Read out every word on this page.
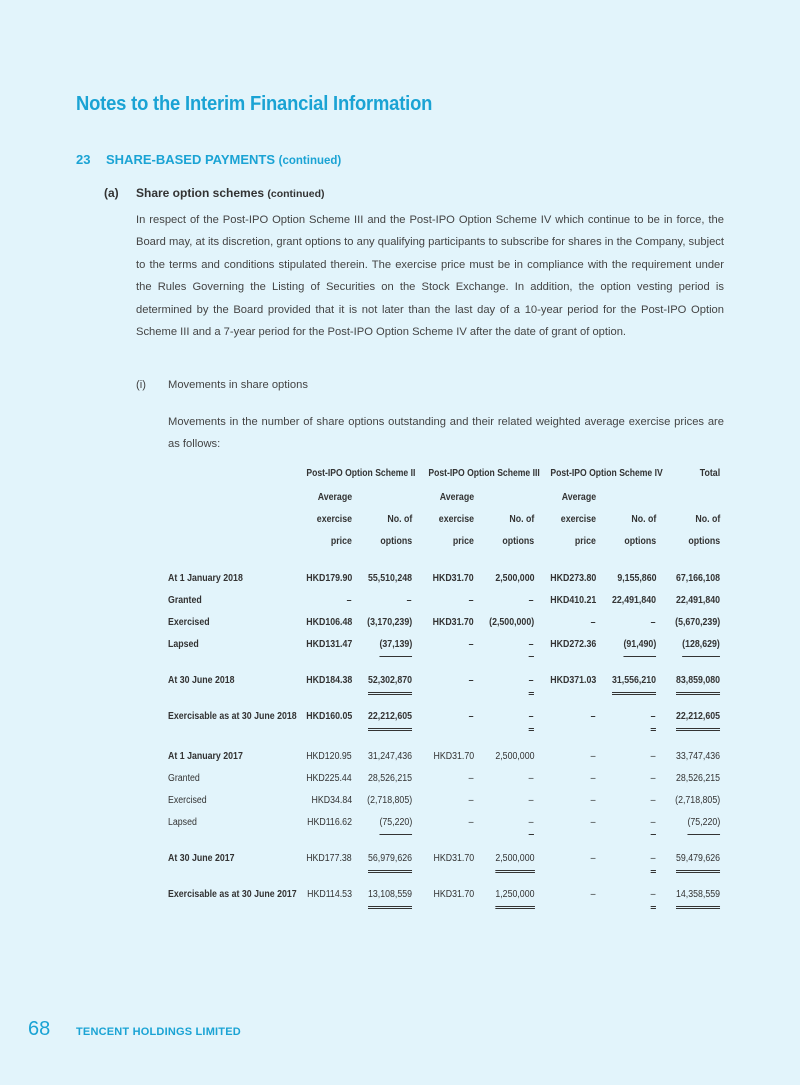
Notes to the Interim Financial Information
23 SHARE-BASED PAYMENTS (continued)
(a) Share option schemes (continued)
In respect of the Post-IPO Option Scheme III and the Post-IPO Option Scheme IV which continue to be in force, the Board may, at its discretion, grant options to any qualifying participants to subscribe for shares in the Company, subject to the terms and conditions stipulated therein. The exercise price must be in compliance with the requirement under the Rules Governing the Listing of Securities on the Stock Exchange. In addition, the option vesting period is determined by the Board provided that it is not later than the last day of a 10-year period for the Post-IPO Option Scheme III and a 7-year period for the Post-IPO Option Scheme IV after the date of grant of option.
(i) Movements in share options
Movements in the number of share options outstanding and their related weighted average exercise prices are as follows:
Post-IPO Option Scheme II Post-IPO Option Scheme III Post-IPO Option Scheme IV	Total
Average	Average	Average
exercise	No. of	exercise	No. of	exercise	No. of	No. of
price	options	price	options	price	options	options
At 1 January 2018	HKD179.90 55,510,248 HKD31.70 2,500,000 HKD273.80 9,155,860 67,166,108
Granted	–	–	–	– HKD410.21 22,491,840 22,491,840
Exercised	HKD106.48 (3,170,239) HKD31.70 (2,500,000)	–	– (5,670,239)
Lapsed	HKD131.47	(37,139)	–	– HKD272.36	(91,490)	(128,629)
At 30 June 2018	HKD184.38 52,302,870	–	– HKD371.03 31,556,210 83,859,080
Exercisable as at 30 June 2018 HKD160.05 22,212,605	–	–	–	– 22,212,605
At 1 January 2017	HKD120.95 31,247,436 HKD31.70 2,500,000	–	– 33,747,436
Granted	HKD225.44 28,526,215	–	–	–	– 28,526,215
Exercised	HKD34.84 (2,718,805)	–	–	–	– (2,718,805)
Lapsed	HKD116.62	(75,220)	–	–	–	–	(75,220)
At 30 June 2017	HKD177.38 56,979,626 HKD31.70 2,500,000	–	– 59,479,626
Exercisable as at 30 June 2017 HKD114.53 13,108,559 HKD31.70 1,250,000	–	– 14,358,559
68 TENCENT HOLDINGS LIMITED
